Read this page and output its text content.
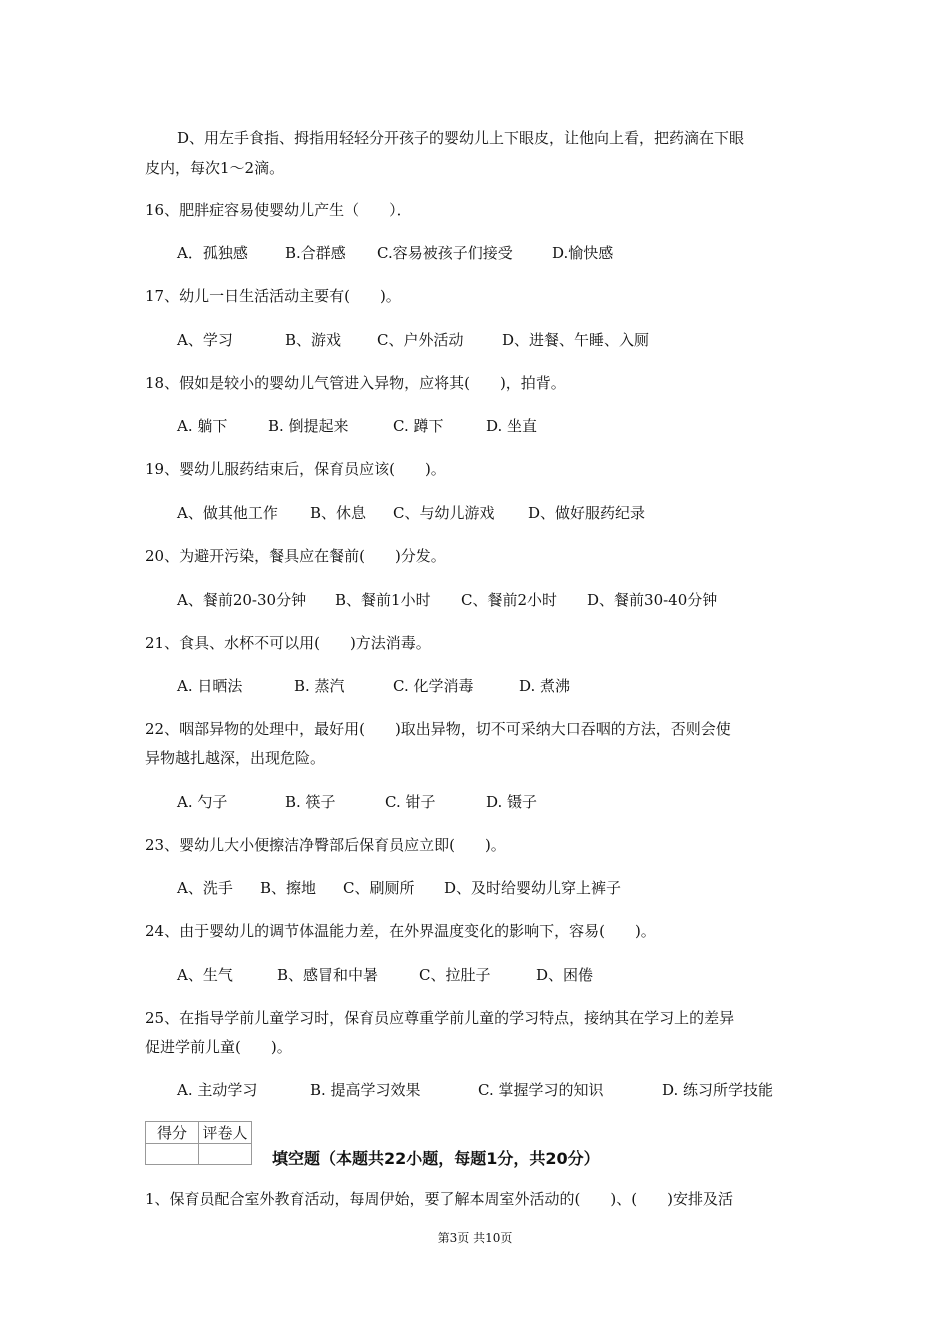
D、用左手食指、拇指用轻轻分开孩子的婴幼儿上下眼皮，让他向上看，把药滴在下眼
皮内，每次1～2滴。
16、肥胖症容易使婴幼儿产生（　　）．
A．孤独感 B.合群感 C.容易被孩子们接受	D.愉快感
17、幼儿一日生活活动主要有(　　)。
A、学习	B、游戏 C、户外活动	D、进餐、午睡、入厕
18、假如是较小的婴幼儿气管进入异物，应将其(　　)，拍背。
A. 躺下	B. 倒提起来	C. 蹲下	D. 坐直
19、婴幼儿服药结束后，保育员应该(　　)。
A、做其他工作 B、休息 C、与幼儿游戏 D、做好服药纪录
20、为避开污染，餐具应在餐前(　　)分发。
A、餐前20-30分钟 B、餐前1小时 C、餐前2小时 D、餐前30-40分钟
21、食具、水杯不可以用(　　)方法消毒。
A. 日晒法	B. 蒸汽	C. 化学消毒	D. 煮沸
22、咽部异物的处理中，最好用(　　)取出异物，切不可采纳大口吞咽的方法，否则会使
异物越扎越深，出现危险。
A. 勺子	B. 筷子	C. 钳子	D. 镊子
23、婴幼儿大小便擦洁净臀部后保育员应立即(　　)。
A、洗手 B、擦地 C、刷厕所 D、及时给婴幼儿穿上裤子
24、由于婴幼儿的调节体温能力差，在外界温度变化的影响下，容易(　　)。
A、生气	B、感冒和中暑	C、拉肚子	D、困倦
25、在指导学前儿童学习时，保育员应尊重学前儿童的学习特点，接纳其在学习上的差异
促进学前儿童(　　)。
A. 主动学习	B. 提高学习效果	C. 掌握学习的知识	D. 练习所学技能
得分	评卷人

填空题（本题共22小题，每题1分，共20分）
1、保育员配合室外教育活动，每周伊始，要了解本周室外活动的(　　)、(　　)安排及活
第3页 共10页
